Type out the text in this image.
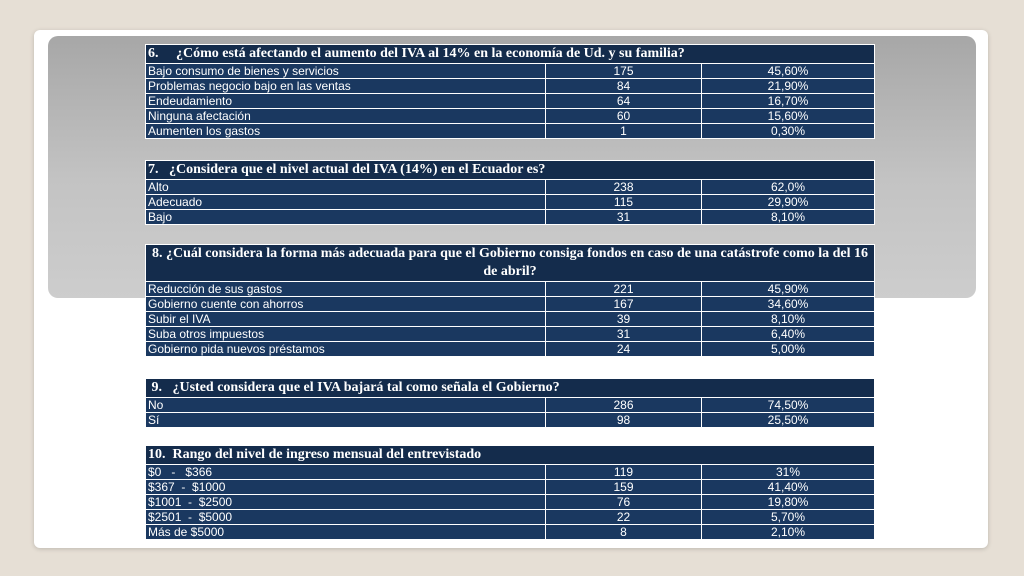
6.     ¿Cómo está afectando el aumento del IVA al 14% en la economía de Ud. y su familia?		
Bajo consumo de bienes y servicios	175	45,60%
Problemas negocio bajo en las ventas	84	21,90%
Endeudamiento	64	16,70%
Ninguna afectación	60	15,60%
Aumenten los gastos	1	0,30%
7.   ¿Considera que el nivel actual del IVA (14%) en el Ecuador es?		
Alto	238	62,0%
Adecuado	115	29,90%
Bajo	31	8,10%
8. ¿Cuál considera la forma más adecuada para que el Gobierno consiga fondos en caso de una catástrofe como la del 16 de abril?		
Reducción de sus gastos	221	45,90%
Gobierno cuente con ahorros	167	34,60%
Subir el IVA	39	8,10%
Suba otros impuestos	31	6,40%
Gobierno pida nuevos préstamos	24	5,00%
9.   ¿Usted considera que el IVA bajará tal como señala el Gobierno?		
No	286	74,50%
Sí	98	25,50%
10.  Rango del nivel de ingreso mensual del entrevistado		
$0   -   $366	119	31%
$367  -  $1000	159	41,40%
$1001  -  $2500	76	19,80%
$2501  -  $5000	22	5,70%
Más de $5000	8	2,10%
